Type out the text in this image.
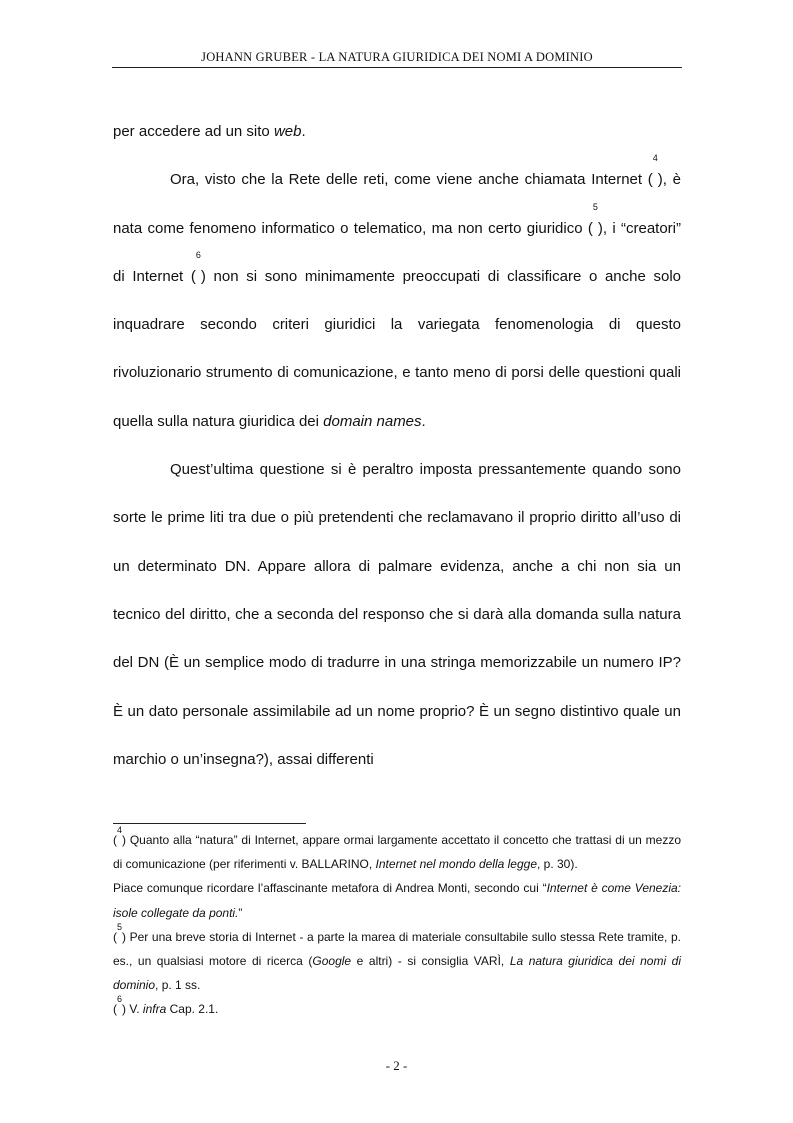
JOHANN GRUBER - LA NATURA GIURIDICA DEI NOMI A DOMINIO

per accedere ad un sito web.

Ora, visto che la Rete delle reti, come viene anche chiamata Internet ($^4$), è nata come fenomeno informatico o telematico, ma non certo giuridico ($^5$), i “creatori” di Internet ($^6$) non si sono minimamente preoccupati di classificare o anche solo inquadrare secondo criteri giuridici la variegata fenomenologia di questo rivoluzionario strumento di comunicazione, e tanto meno di porsi delle questioni quali quella sulla natura giuridica dei domain names.

Quest’ultima questione si è peraltro imposta pressantemente quando sono sorte le prime liti tra due o più pretendenti che reclamavano il proprio diritto all’uso di un determinato DN. Appare allora di palmare evidenza, anche a chi non sia un tecnico del diritto, che a seconda del responso che si darà alla domanda sulla natura del DN (È un semplice modo di tradurre in una stringa memorizzabile un numero IP? È un dato personale assimilabile ad un nome proprio? È un segno distintivo quale un marchio o un’insegna?), assai differenti

($^4$) Quanto alla “natura” di Internet, appare ormai largamente accettato il concetto che trattasi di un mezzo di comunicazione (per riferimenti v. BALLARINO, Internet nel mondo della legge, p. 30).

Piace comunque ricordare l’affascinante metafora di Andrea Monti, secondo cui “Internet è come Venezia: isole collegate da ponti.”

($^5$) Per una breve storia di Internet - a parte la marea di materiale consultabile sullo stessa Rete tramite, p. es., un qualsiasi motore di ricerca (Google e altri) - si consiglia VARÌ, La natura giuridica dei nomi di dominio, p. 1 ss.

($^6$) V. infra Cap. 2.1.

- 2 -
